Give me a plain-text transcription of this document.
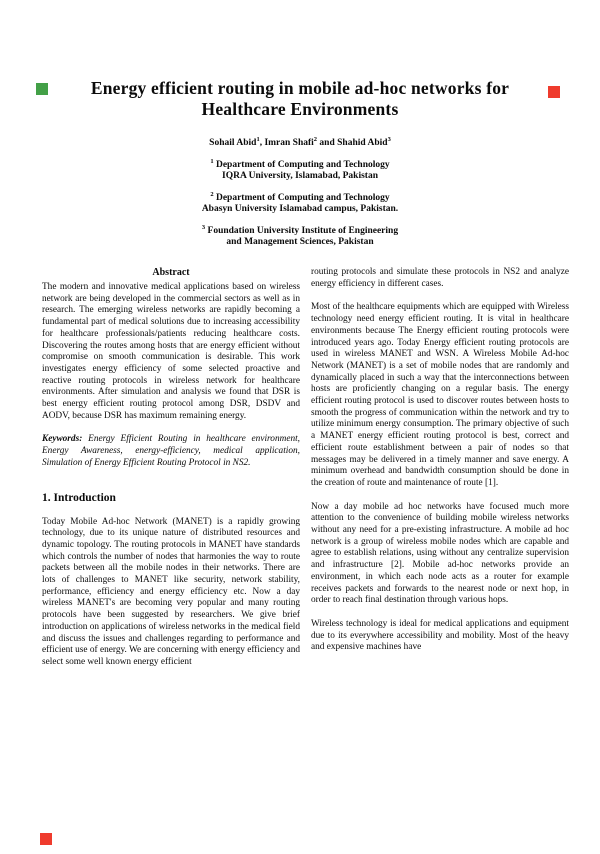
Energy efficient routing in mobile ad-hoc networks for
Healthcare Environments
Sohail Abid$^1$, Imran Shafi$^2$ and Shahid Abid$^3$
$^1$ Department of Computing and Technology
IQRA University, Islamabad, Pakistan
$^2$ Department of Computing and Technology
Abasyn University Islamabad campus, Pakistan.
$^3$ Foundation University Institute of Engineering
and Management Sciences, Pakistan
Abstract

The modern and innovative medical applications based on wireless network are being developed in the commercial sectors as well as in research. The emerging wireless networks are rapidly becoming a fundamental part of medical solutions due to increasing accessibility for healthcare professionals/patients reducing healthcare costs. Discovering the routes among hosts that are energy efficient without compromise on smooth communication is desirable. This work investigates energy efficiency of some selected proactive and reactive routing protocols in wireless network for healthcare environments. After simulation and analysis we found that DSR is best energy efficient routing protocol among DSR, DSDV and AODV, because DSR has maximum remaining energy.

Keywords: Energy Efficient Routing in healthcare environment, Energy Awareness, energy-efficiency, medical application, Simulation of Energy Efficient Routing Protocol in NS2.

1. Introduction

Today Mobile Ad-hoc Network (MANET) is a rapidly growing technology, due to its unique nature of distributed resources and dynamic topology. The routing protocols in MANET have standards which controls the number of nodes that harmonies the way to route packets between all the mobile nodes in their networks. There are lots of challenges to MANET like security, network stability, performance, efficiency and energy efficiency etc. Now a day wireless MANET's are becoming very popular and many routing protocols have been suggested by researchers. We give brief introduction on applications of wireless networks in the medical field and discuss the issues and challenges regarding to performance and efficient use of energy. We are concerning with energy efficiency and select some well known energy efficient

routing protocols and simulate these protocols in NS2 and analyze energy efficiency in different cases.

Most of the healthcare equipments which are equipped with Wireless technology need energy efficient routing. It is vital in healthcare environments because The Energy efficient routing protocols were introduced years ago. Today Energy efficient routing protocols are used in wireless MANET and WSN. A Wireless Mobile Ad-hoc Network (MANET) is a set of mobile nodes that are randomly and dynamically placed in such a way that the interconnections between hosts are proficiently changing on a regular basis. The energy efficient routing protocol is used to discover routes between hosts to smooth the progress of communication within the network and try to utilize minimum energy consumption. The primary objective of such a MANET energy efficient routing protocol is best, correct and efficient route establishment between a pair of nodes so that messages may be delivered in a timely manner and save energy. A minimum overhead and bandwidth consumption should be done in the creation of route and maintenance of route [1].

Now a day mobile ad hoc networks have focused much more attention to the convenience of building mobile wireless networks without any need for a pre-existing infrastructure. A mobile ad hoc network is a group of wireless mobile nodes which are capable and agree to establish relations, using without any centralize supervision and infrastructure [2]. Mobile ad-hoc networks provide an environment, in which each node acts as a router for example receives packets and forwards to the nearest node or next hop, in order to reach final destination through various hops.

Wireless technology is ideal for medical applications and equipment due to its everywhere accessibility and mobility. Most of the heavy and expensive machines have
